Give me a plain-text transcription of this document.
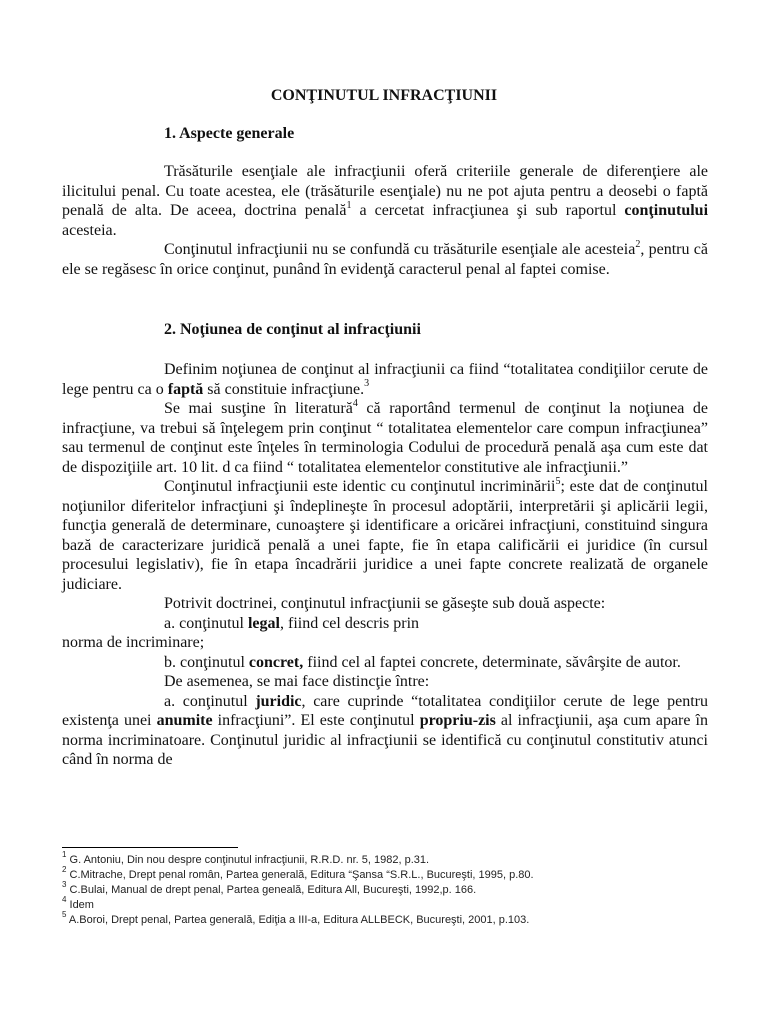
CONŢINUTUL INFRACŢIUNII
1. Aspecte generale

Trăsăturile esenţiale ale infracţiunii oferă criteriile generale de diferenţiere ale ilicitului penal. Cu toate acestea, ele (trăsăturile esenţiale) nu ne pot ajuta pentru a deosebi o faptă penală de alta. De aceea, doctrina penală$^1$ a cercetat infracţiunea şi sub raportul conţinutului acesteia.

Conţinutul infracţiunii nu se confundă cu trăsăturile esenţiale ale acesteia$^2$, pentru că ele se regăsesc în orice conţinut, punând în evidenţă caracterul penal al faptei comise.

2. Noţiunea de conţinut al infracţiunii

Definim noţiunea de conţinut al infracţiunii ca fiind “totalitatea condiţiilor cerute de lege pentru ca o faptă să constituie infracţiune.$^3$

Se mai susţine în literatură$^4$ că raportând termenul de conţinut la noţiunea de infracţiune, va trebui să înţelegem prin conţinut “ totalitatea elementelor care compun infracţiunea” sau termenul de conţinut este înţeles în terminologia Codului de procedură penală aşa cum este dat de dispoziţiile art. 10 lit. d ca fiind “ totalitatea elementelor constitutive ale infracţiunii.”

Conţinutul infracţiunii este identic cu conţinutul incriminării$^5$; este dat de conţinutul noţiunilor diferitelor infracţiuni şi îndeplineşte în procesul adoptării, interpretării şi aplicării legii, funcţia generală de determinare, cunoaştere şi identificare a oricărei infracţiuni, constituind singura bază de caracterizare juridică penală a unei fapte, fie în etapa calificării ei juridice (în cursul procesului legislativ), fie în etapa încadrării juridice a unei fapte concrete realizată de organele judiciare.

Potrivit doctrinei, conţinutul infracţiunii se găseşte sub două aspecte:

a. conţinutul legal, fiind cel descris prin

norma de incriminare;

b. conţinutul concret, fiind cel al faptei concrete, determinate, săvârşite de autor.

De asemenea, se mai face distincţie între:

a. conţinutul juridic, care cuprinde “totalitatea condiţiilor cerute de lege pentru existenţa unei anumite infracţiuni”. El este conţinutul propriu-zis al infracţiunii, aşa cum apare în norma incriminatoare. Conţinutul juridic al infracţiunii se identifică cu conţinutul constitutiv atunci când în norma de

$^1$ G. Antoniu, Din nou despre conţinutul infracţiunii, R.R.D. nr. 5, 1982, p.31.
$^2$ C.Mitrache, Drept penal român, Partea generală, Editura “Şansa “S.R.L., Bucureşti, 1995, p.80.
$^3$ C.Bulai, Manual de drept penal, Partea geneală, Editura All, Bucureşti, 1992,p. 166.
$^4$ Idem
$^5$ A.Boroi, Drept penal, Partea generală, Ediţia a III-a, Editura ALLBECK, Bucureşti, 2001, p.103.
